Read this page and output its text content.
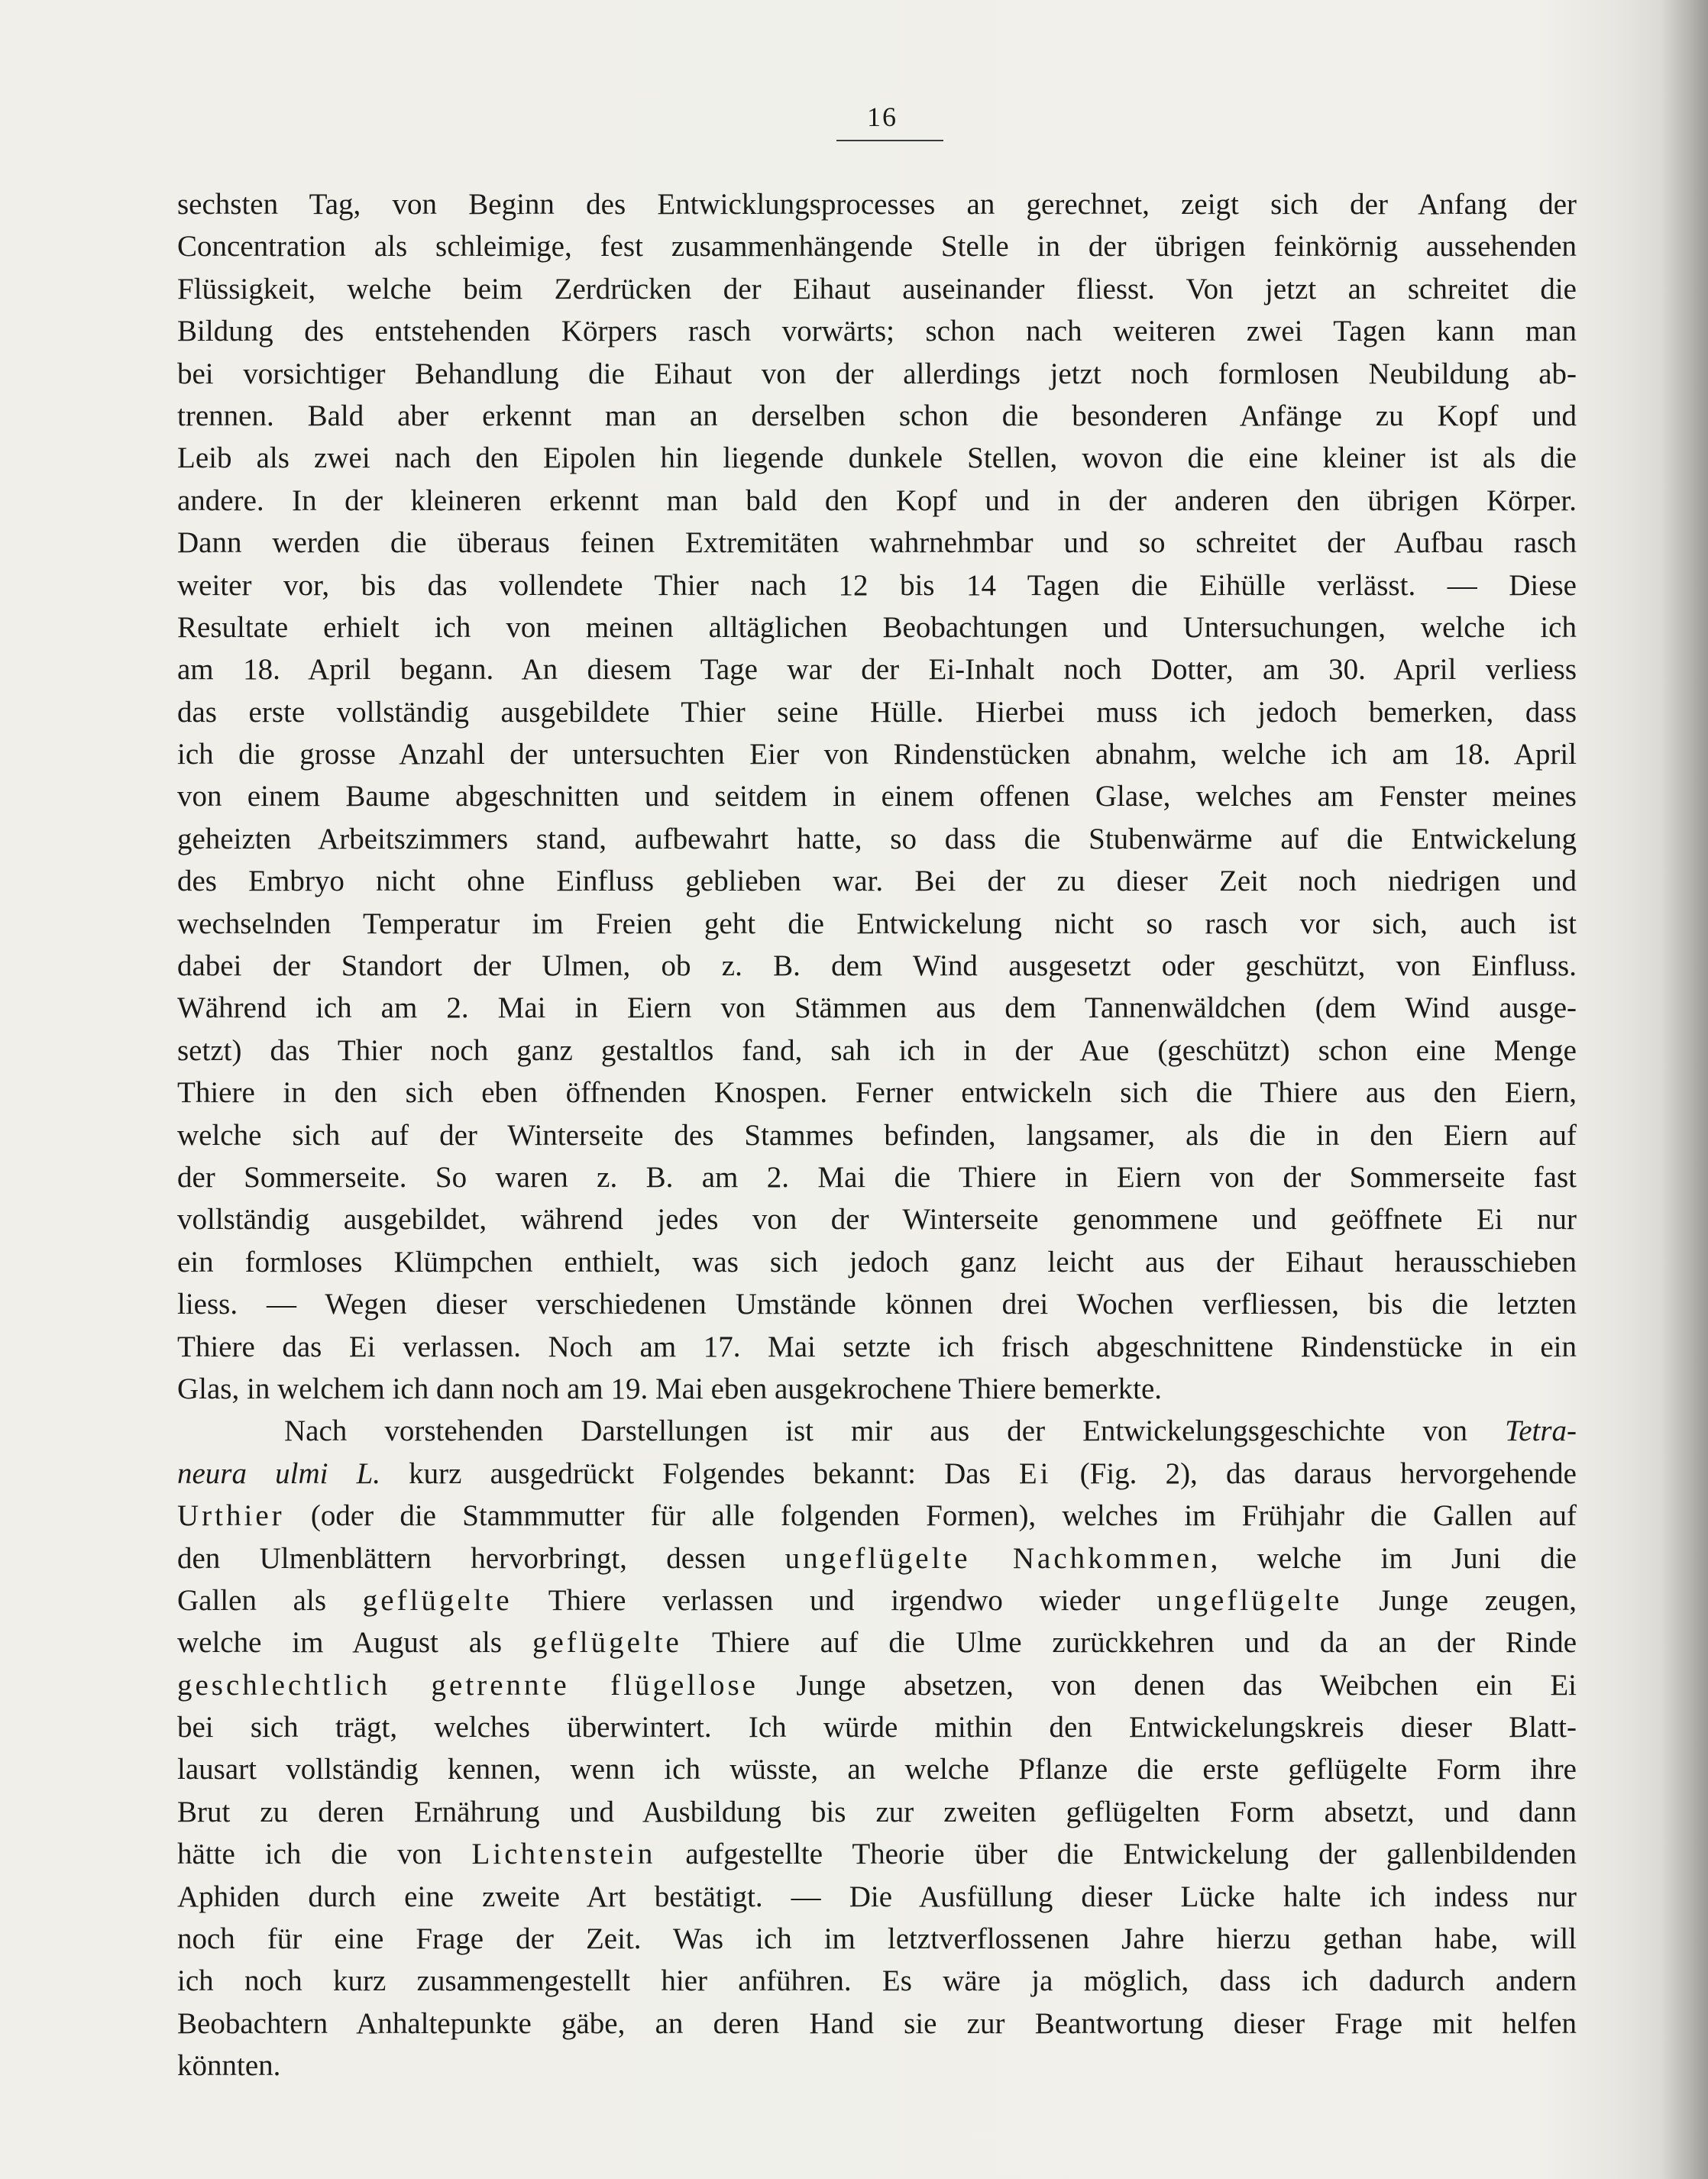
16
sechsten Tag, von Beginn des Entwicklungsprocesses an gerechnet, zeigt sich der Anfang der
Concentration als schleimige, fest zusammenhängende Stelle in der übrigen feinkörnig aussehenden
Flüssigkeit, welche beim Zerdrücken der Eihaut auseinander fliesst. Von jetzt an schreitet die
Bildung des entstehenden Körpers rasch vorwärts; schon nach weiteren zwei Tagen kann man
bei vorsichtiger Behandlung die Eihaut von der allerdings jetzt noch formlosen Neubildung ab-
trennen. Bald aber erkennt man an derselben schon die besonderen Anfänge zu Kopf und
Leib als zwei nach den Eipolen hin liegende dunkele Stellen, wovon die eine kleiner ist als die
andere. In der kleineren erkennt man bald den Kopf und in der anderen den übrigen Körper.
Dann werden die überaus feinen Extremitäten wahrnehmbar und so schreitet der Aufbau rasch
weiter vor, bis das vollendete Thier nach 12 bis 14 Tagen die Eihülle verlässt. — Diese
Resultate erhielt ich von meinen alltäglichen Beobachtungen und Untersuchungen, welche ich
am 18. April begann. An diesem Tage war der Ei-Inhalt noch Dotter, am 30. April verliess
das erste vollständig ausgebildete Thier seine Hülle. Hierbei muss ich jedoch bemerken, dass
ich die grosse Anzahl der untersuchten Eier von Rindenstücken abnahm, welche ich am 18. April
von einem Baume abgeschnitten und seitdem in einem offenen Glase, welches am Fenster meines
geheizten Arbeitszimmers stand, aufbewahrt hatte, so dass die Stubenwärme auf die Entwickelung
des Embryo nicht ohne Einfluss geblieben war. Bei der zu dieser Zeit noch niedrigen und
wechselnden Temperatur im Freien geht die Entwickelung nicht so rasch vor sich, auch ist
dabei der Standort der Ulmen, ob z. B. dem Wind ausgesetzt oder geschützt, von Einfluss.
Während ich am 2. Mai in Eiern von Stämmen aus dem Tannenwäldchen (dem Wind ausge-
setzt) das Thier noch ganz gestaltlos fand, sah ich in der Aue (geschützt) schon eine Menge
Thiere in den sich eben öffnenden Knospen. Ferner entwickeln sich die Thiere aus den Eiern,
welche sich auf der Winterseite des Stammes befinden, langsamer, als die in den Eiern auf
der Sommerseite. So waren z. B. am 2. Mai die Thiere in Eiern von der Sommerseite fast
vollständig ausgebildet, während jedes von der Winterseite genommene und geöffnete Ei nur
ein formloses Klümpchen enthielt, was sich jedoch ganz leicht aus der Eihaut herausschieben
liess. — Wegen dieser verschiedenen Umstände können drei Wochen verfliessen, bis die letzten
Thiere das Ei verlassen. Noch am 17. Mai setzte ich frisch abgeschnittene Rindenstücke in ein
Glas, in welchem ich dann noch am 19. Mai eben ausgekrochene Thiere bemerkte.
Nach vorstehenden Darstellungen ist mir aus der Entwickelungsgeschichte von Tetra-
neura ulmi L. kurz ausgedrückt Folgendes bekannt: Das Ei (Fig. 2), das daraus hervorgehende
Urthier (oder die Stammmutter für alle folgenden Formen), welches im Frühjahr die Gallen auf
den Ulmenblättern hervorbringt, dessen ungeflügelte Nachkommen, welche im Juni die
Gallen als geflügelte Thiere verlassen und irgendwo wieder ungeflügelte Junge zeugen,
welche im August als geflügelte Thiere auf die Ulme zurückkehren und da an der Rinde
geschlechtlich getrennte flügellose Junge absetzen, von denen das Weibchen ein Ei
bei sich trägt, welches überwintert. Ich würde mithin den Entwickelungskreis dieser Blatt-
lausart vollständig kennen, wenn ich wüsste, an welche Pflanze die erste geflügelte Form ihre
Brut zu deren Ernährung und Ausbildung bis zur zweiten geflügelten Form absetzt, und dann
hätte ich die von Lichtenstein aufgestellte Theorie über die Entwickelung der gallenbildenden
Aphiden durch eine zweite Art bestätigt. — Die Ausfüllung dieser Lücke halte ich indess nur
noch für eine Frage der Zeit. Was ich im letztverflossenen Jahre hierzu gethan habe, will
ich noch kurz zusammengestellt hier anführen. Es wäre ja möglich, dass ich dadurch andern
Beobachtern Anhaltepunkte gäbe, an deren Hand sie zur Beantwortung dieser Frage mit helfen
könnten.
